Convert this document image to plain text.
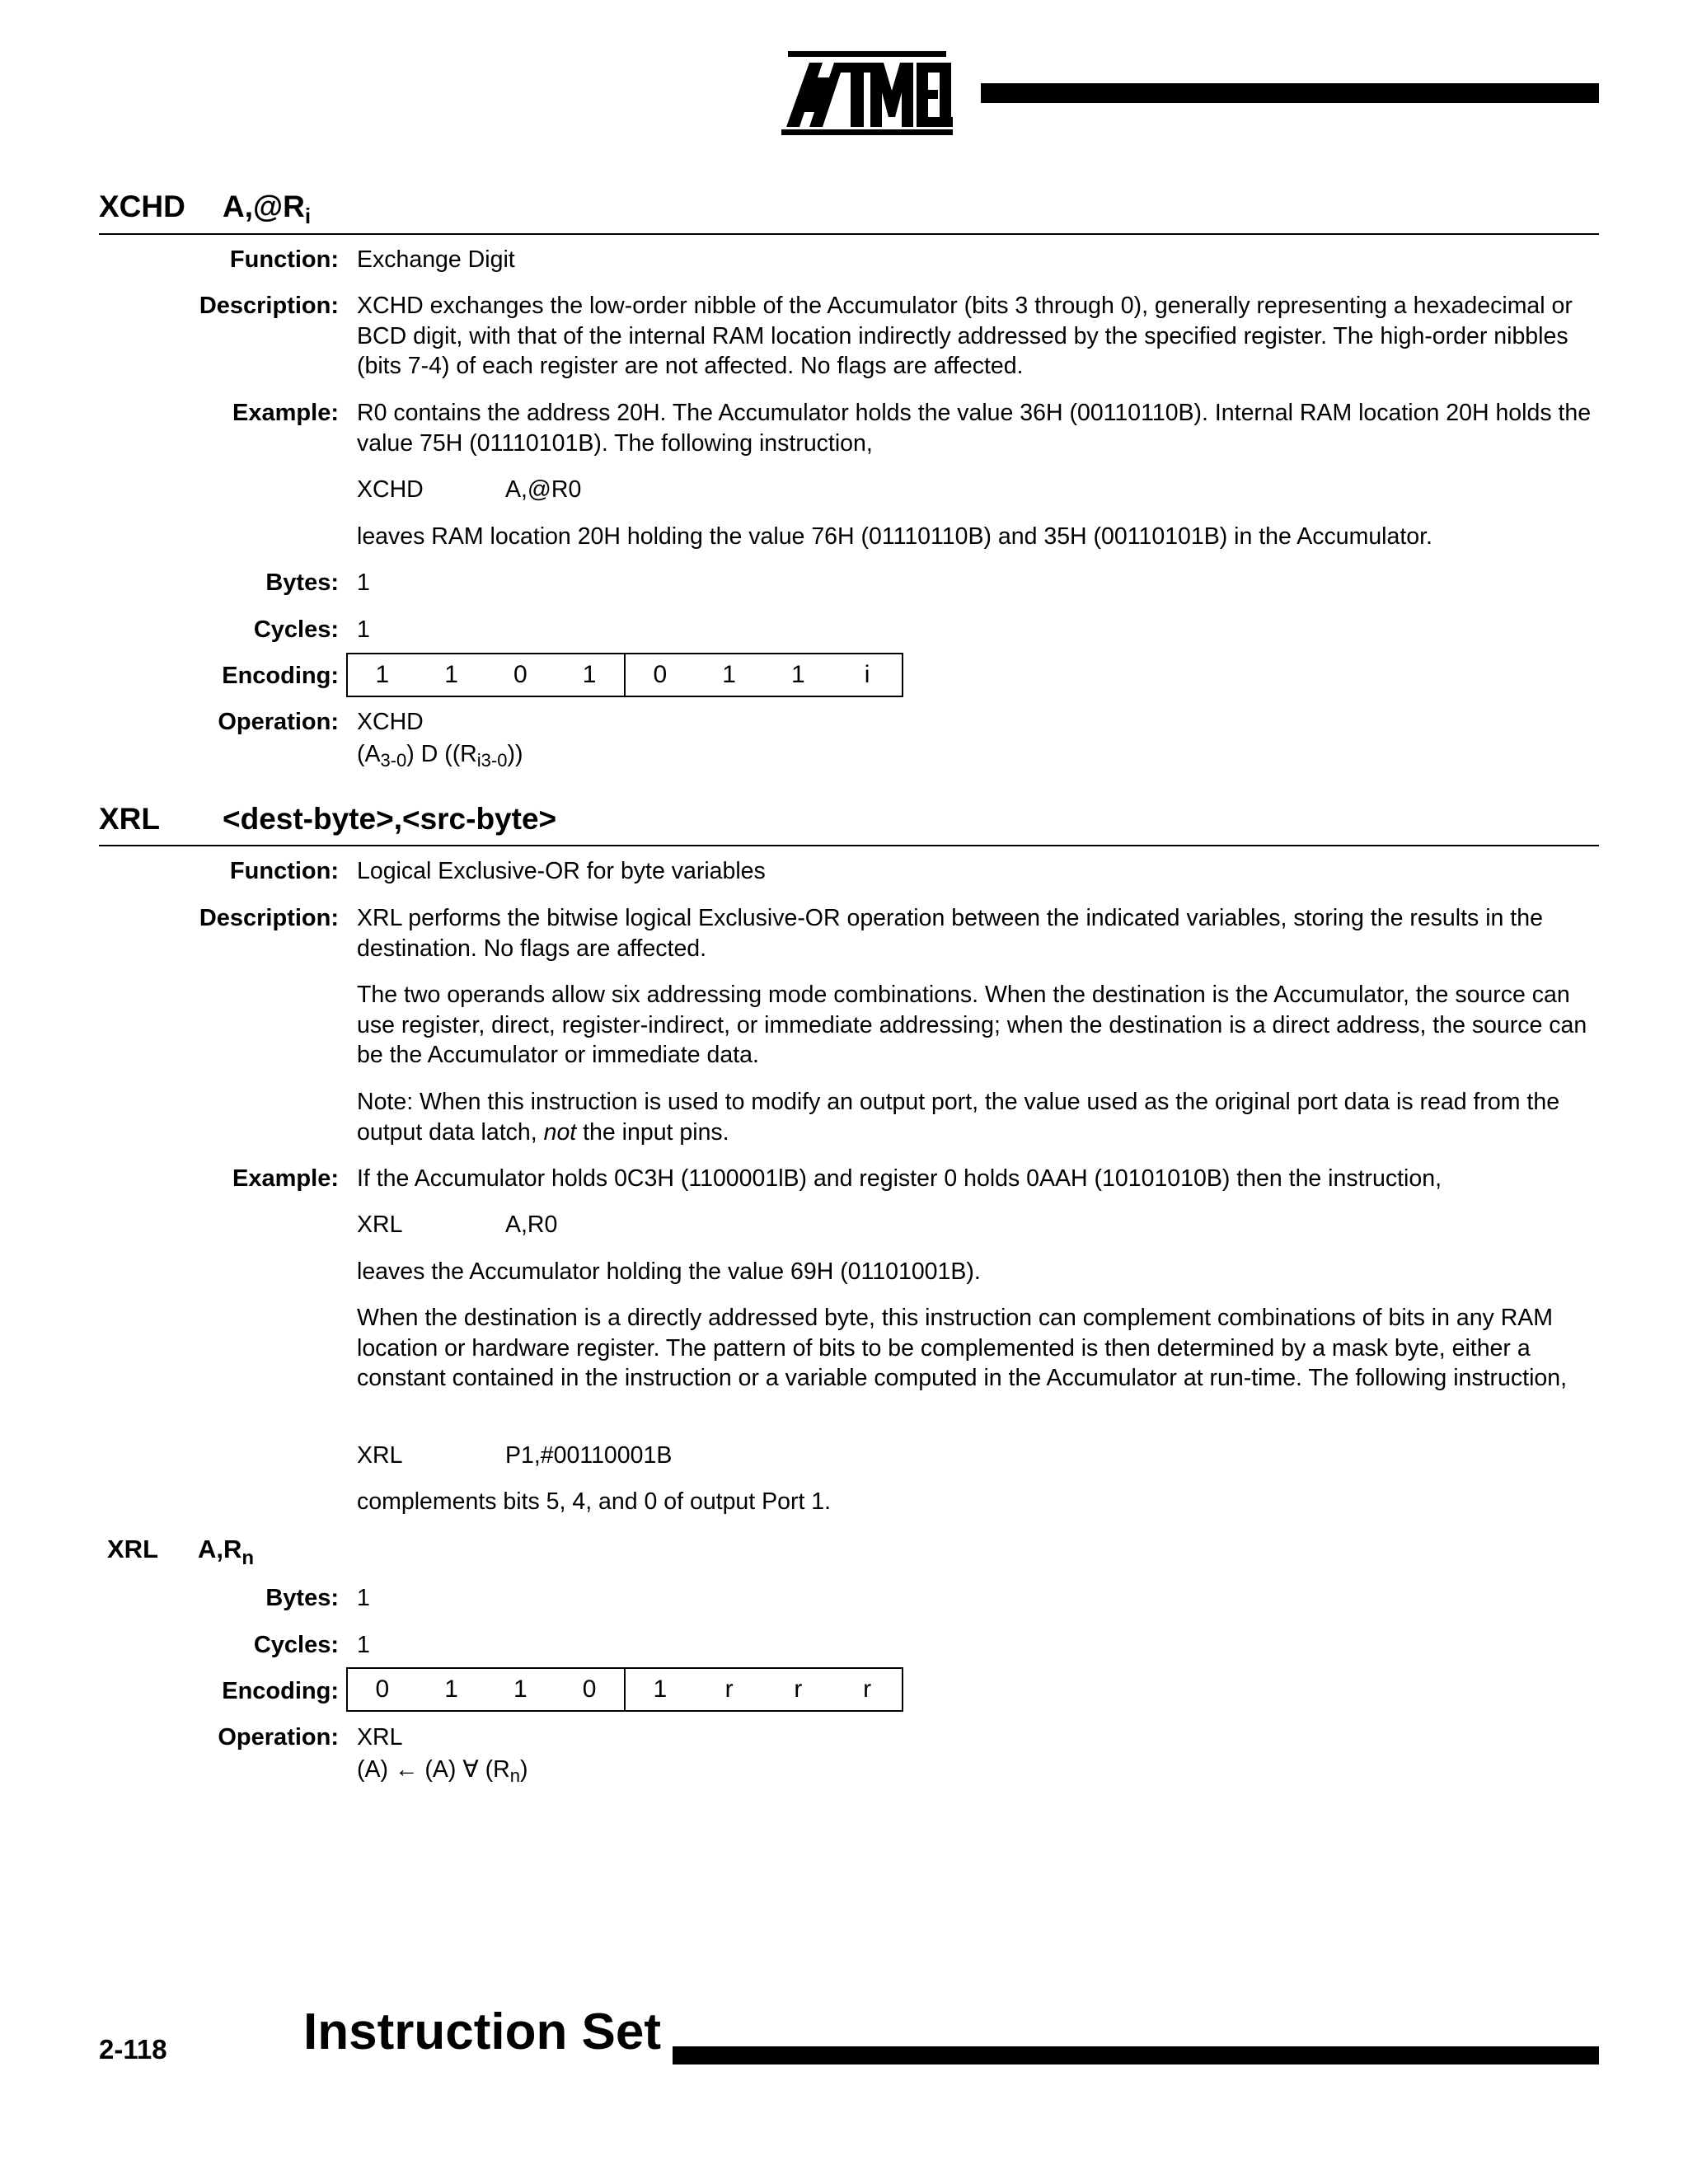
XCHD $A,@R_i$
Function: Exchange Digit
Description: XCHD exchanges the low-order nibble of the Accumulator (bits 3 through 0), generally representing a hexadecimal or BCD digit, with that of the internal RAM location indirectly addressed by the specified register. The high-order nibbles (bits 7-4) of each register are not affected. No flags are affected.
Example: R0 contains the address 20H. The Accumulator holds the value 36H (00110110B). Internal RAM location 20H holds the value 75H (01110101B). The following instruction,
XCHD	A,@R0
leaves RAM location 20H holding the value 76H (01110110B) and 35H (00110101B) in the Accumulator.
Bytes: 1
Cycles: 1
Encoding:	1	1	0	1	0	1	1	i
Operation: XCHD
$(A_{3-0})$ D $((R_{i3-0}))$
XRL <dest-byte>,<src-byte>
Function: Logical Exclusive-OR for byte variables
Description: XRL performs the bitwise logical Exclusive-OR operation between the indicated variables, storing the results in the destination. No flags are affected.
The two operands allow six addressing mode combinations. When the destination is the Accumulator, the source can use register, direct, register-indirect, or immediate addressing; when the destination is a direct address, the source can be the Accumulator or immediate data.
Note: When this instruction is used to modify an output port, the value used as the original port data is read from the output data latch, not the input pins.
Example: If the Accumulator holds 0C3H (1100001lB) and register 0 holds 0AAH (10101010B) then the instruction,
XRL	A,R0
leaves the Accumulator holding the value 69H (01101001B).
When the destination is a directly addressed byte, this instruction can complement combinations of bits in any RAM location or hardware register. The pattern of bits to be complemented is then determined by a mask byte, either a constant contained in the instruction or a variable computed in the Accumulator at run-time. The following instruction,
XRL	P1,#00110001B
complements bits 5, 4, and 0 of output Port 1.
XRL $A,R_n$
Bytes: 1
Cycles: 1
Encoding:	0	1	1	0	1	r	r	r
Operation: XRL
(A) ← (A) ∀ $(R_n)$
2-118	Instruction Set
